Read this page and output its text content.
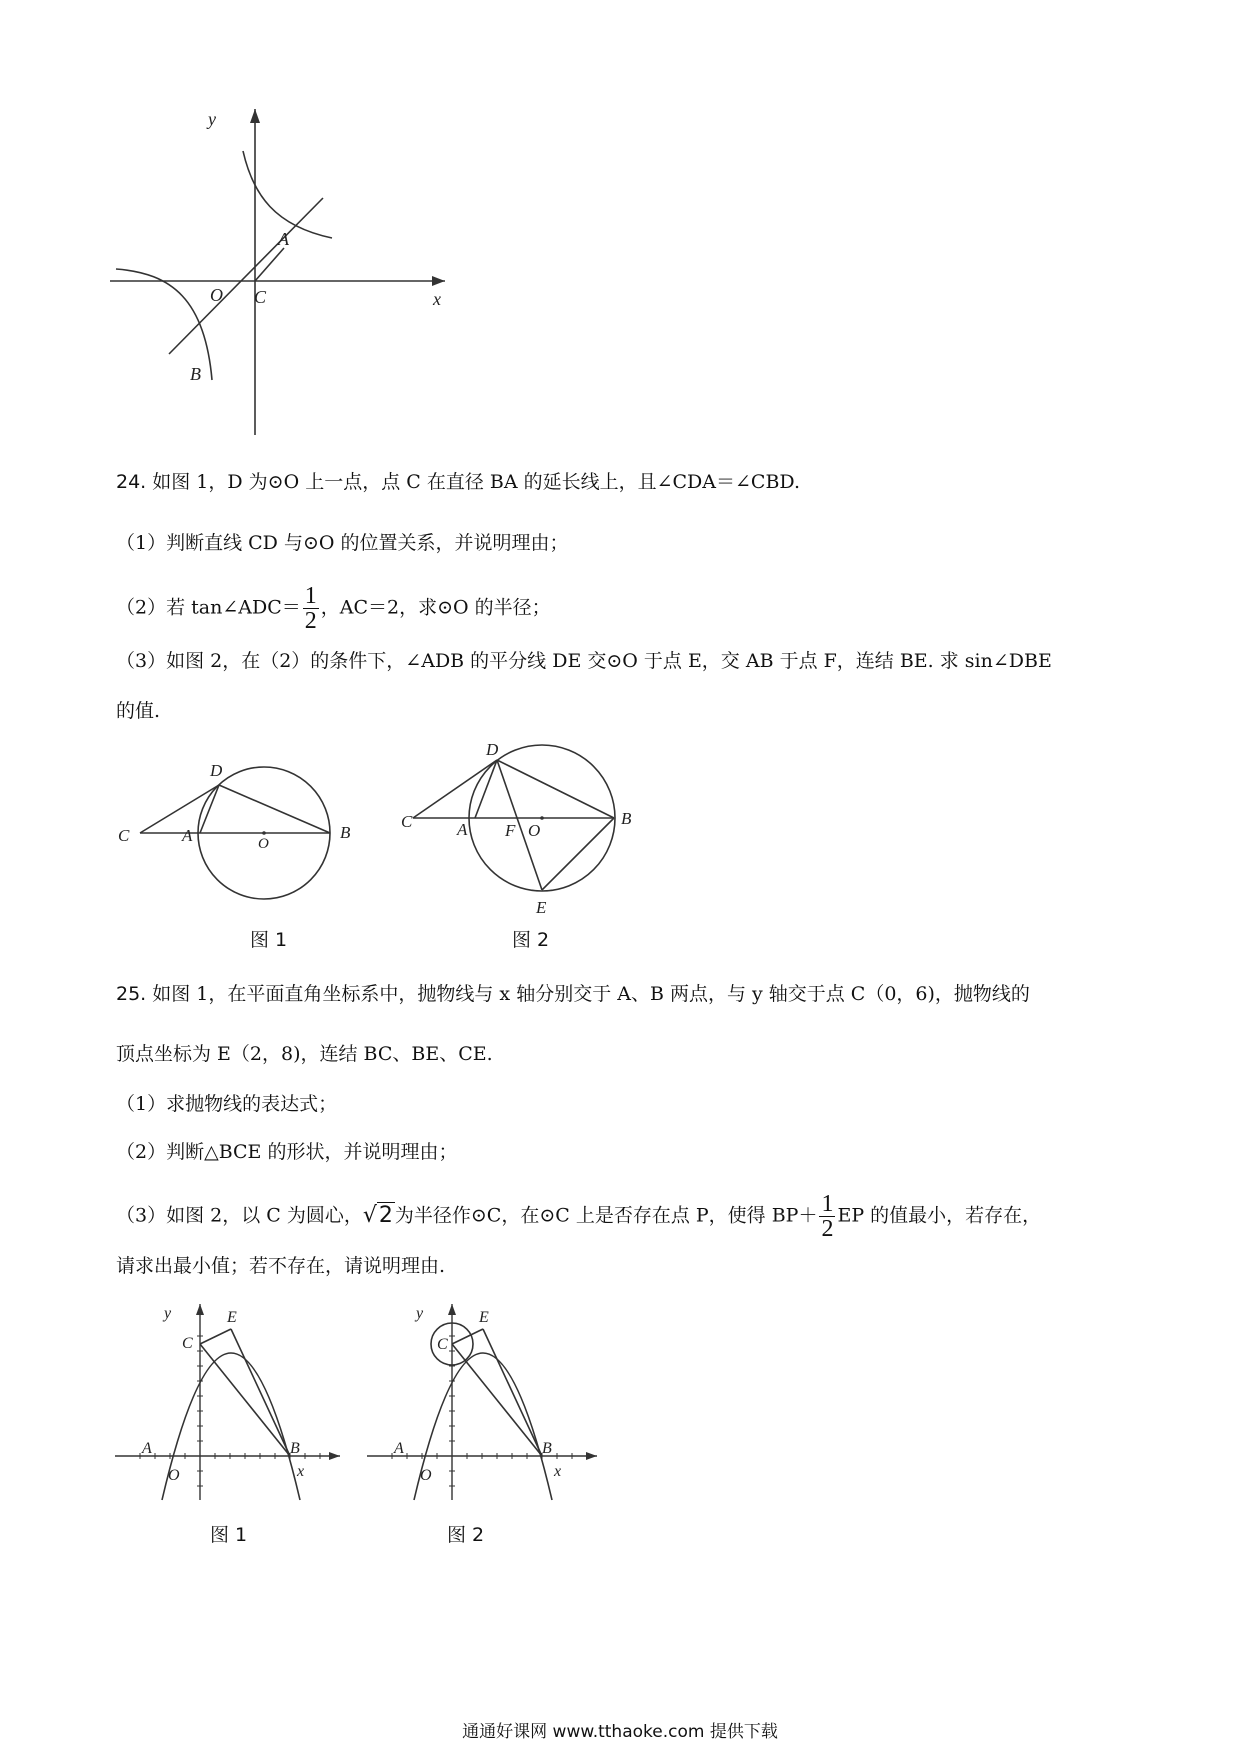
y
x
O
A
B
C
24. 如图 1，D 为⊙O 上一点，点 C 在直径 BA 的延长线上，且∠CDA＝∠CBD.
（1）判断直线 CD 与⊙O 的位置关系，并说明理由；
（2）若 tan∠ADC＝ $\frac{1}{2}$ ，AC＝2，求⊙O 的半径；
（3）如图 2，在（2）的条件下，∠ADB 的平分线 DE 交⊙O 于点 E，交 AB 于点 F，连结 BE. 求 sin∠DBE
的值.
C	A	O
B
D
图 1
C	A F O
B
D
E
图 2
25. 如图 1，在平面直角坐标系中，抛物线与 x 轴分别交于 A、B 两点，与 y 轴交于点 C（0，6)，抛物线的
顶点坐标为 E（2，8)，连结 BC、BE、CE.
（1）求抛物线的表达式；
（2）判断△BCE 的形状，并说明理由；
（3）如图 2，以 C 为圆心，√2 为半径作⊙C，在⊙C 上是否存在点 P，使得 $BP+ \frac{1}{2}$ EP 的值最小，若存在，
请求出最小值；若不存在，请说明理由.
y
x
O
A	B
C
E
图 1
y
x
O
A	B
C
E
图 2
通通好课网 www.tthaoke.com 提供下载
